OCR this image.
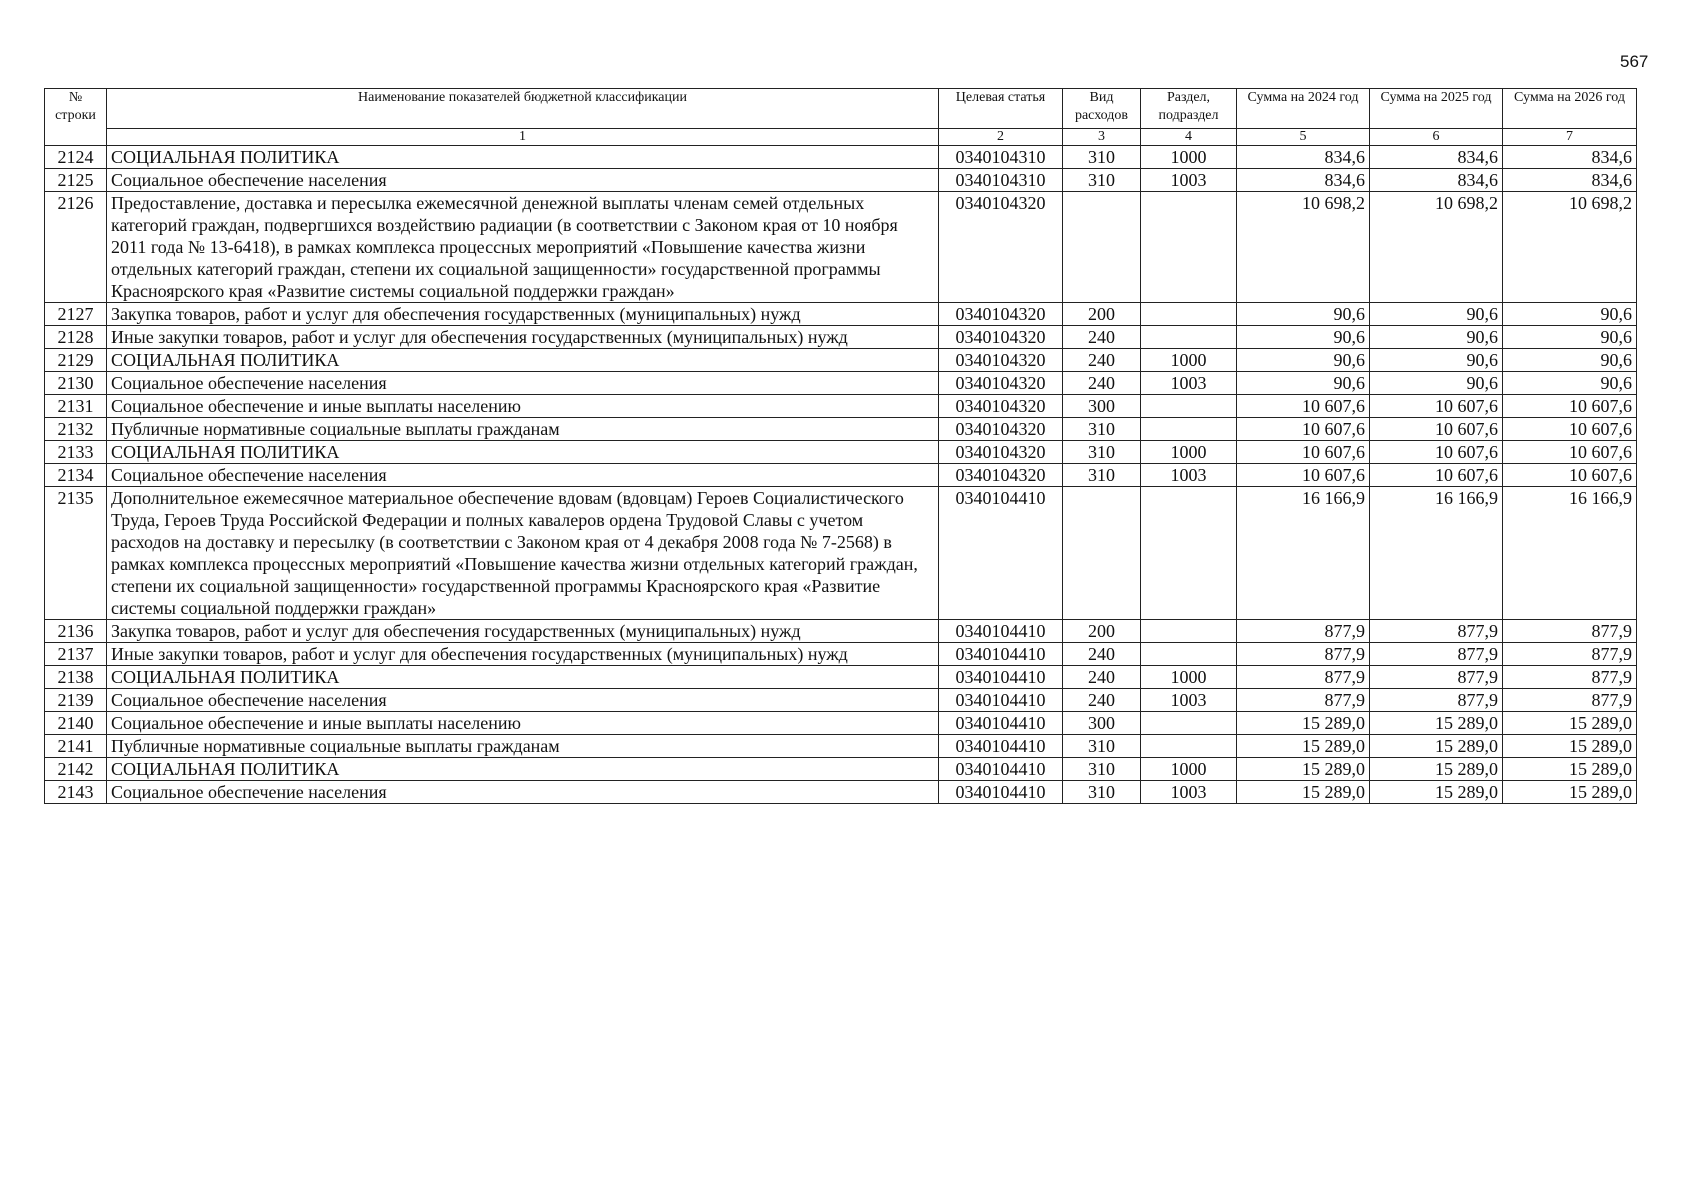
567
№ строки	Наименование показателей бюджетной классификации	Целевая статья	Вид расходов	Раздел, подраздел	Сумма на 2024 год	Сумма на 2025 год	Сумма на 2026 год
	1	2	3	4	5	6	7
2124	СОЦИАЛЬНАЯ ПОЛИТИКА	0340104310	310	1000	834,6	834,6	834,6
2125	Социальное обеспечение населения	0340104310	310	1003	834,6	834,6	834,6
2126	Предоставление, доставка и пересылка ежемесячной денежной выплаты членам семей отдельных категорий граждан, подвергшихся воздействию радиации (в соответствии с Законом края от 10 ноября 2011 года № 13-6418), в рамках комплекса процессных мероприятий «Повышение качества жизни отдельных категорий граждан, степени их социальной защищенности» государственной программы Красноярского края «Развитие системы социальной поддержки граждан»	0340104320			10 698,2	10 698,2	10 698,2
2127	Закупка товаров, работ и услуг для обеспечения государственных (муниципальных) нужд	0340104320	200		90,6	90,6	90,6
2128	Иные закупки товаров, работ и услуг для обеспечения государственных (муниципальных) нужд	0340104320	240		90,6	90,6	90,6
2129	СОЦИАЛЬНАЯ ПОЛИТИКА	0340104320	240	1000	90,6	90,6	90,6
2130	Социальное обеспечение населения	0340104320	240	1003	90,6	90,6	90,6
2131	Социальное обеспечение и иные выплаты населению	0340104320	300		10 607,6	10 607,6	10 607,6
2132	Публичные нормативные социальные выплаты гражданам	0340104320	310		10 607,6	10 607,6	10 607,6
2133	СОЦИАЛЬНАЯ ПОЛИТИКА	0340104320	310	1000	10 607,6	10 607,6	10 607,6
2134	Социальное обеспечение населения	0340104320	310	1003	10 607,6	10 607,6	10 607,6
2135	Дополнительное ежемесячное материальное обеспечение вдовам (вдовцам) Героев Социалистического Труда, Героев Труда Российской Федерации и полных кавалеров ордена Трудовой Славы с учетом расходов на доставку и пересылку (в соответствии с Законом края от 4 декабря 2008 года № 7-2568) в рамках комплекса процессных мероприятий «Повышение качества жизни отдельных категорий граждан, степени их социальной защищенности» государственной программы Красноярского края «Развитие системы социальной поддержки граждан»	0340104410			16 166,9	16 166,9	16 166,9
2136	Закупка товаров, работ и услуг для обеспечения государственных (муниципальных) нужд	0340104410	200		877,9	877,9	877,9
2137	Иные закупки товаров, работ и услуг для обеспечения государственных (муниципальных) нужд	0340104410	240		877,9	877,9	877,9
2138	СОЦИАЛЬНАЯ ПОЛИТИКА	0340104410	240	1000	877,9	877,9	877,9
2139	Социальное обеспечение населения	0340104410	240	1003	877,9	877,9	877,9
2140	Социальное обеспечение и иные выплаты населению	0340104410	300		15 289,0	15 289,0	15 289,0
2141	Публичные нормативные социальные выплаты гражданам	0340104410	310		15 289,0	15 289,0	15 289,0
2142	СОЦИАЛЬНАЯ ПОЛИТИКА	0340104410	310	1000	15 289,0	15 289,0	15 289,0
2143	Социальное обеспечение населения	0340104410	310	1003	15 289,0	15 289,0	15 289,0
